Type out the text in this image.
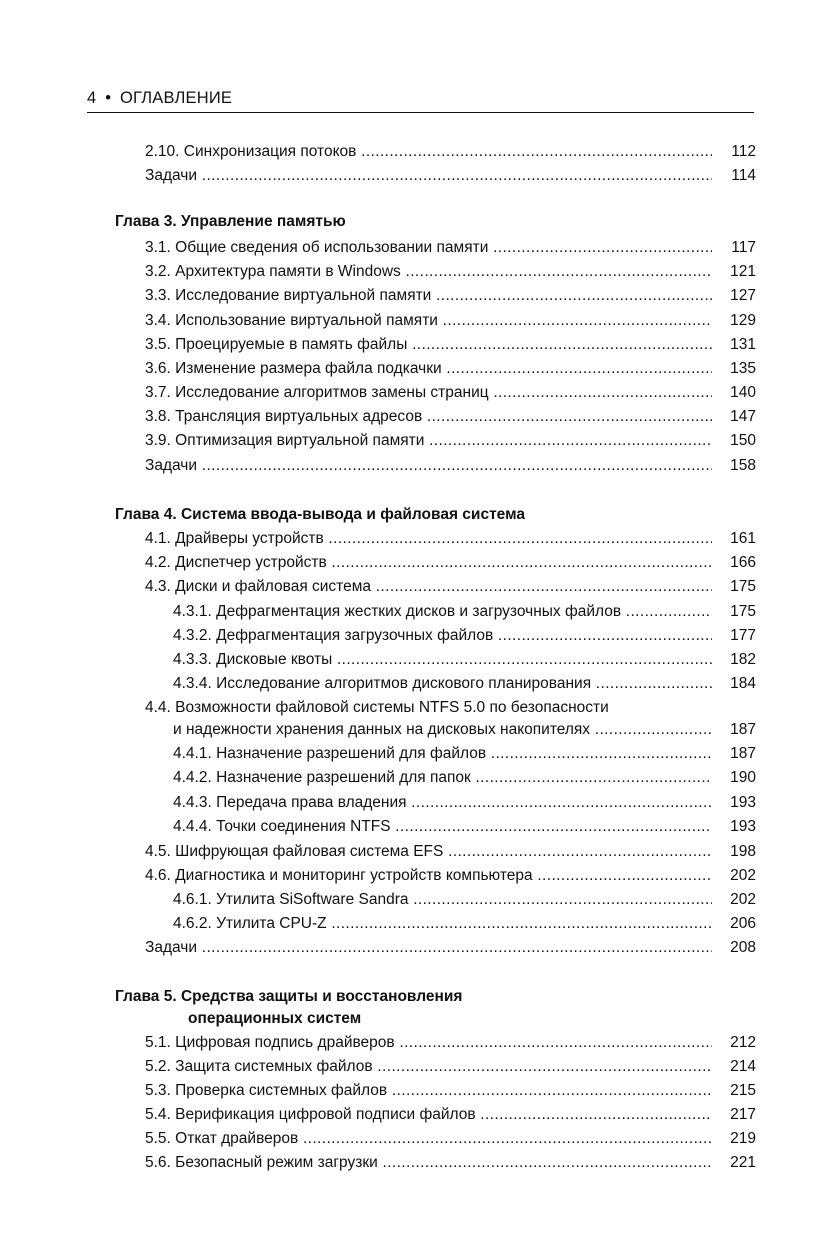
4 • ОГЛАВЛЕНИЕ
2.10. Синхронизация потоков .....	112
Задачи .....	114
Глава 3. Управление памятью
3.1. Общие сведения об использовании памяти .....	117
3.2. Архитектура памяти в Windows .....	121
3.3. Исследование виртуальной памяти .....	127
3.4. Использование виртуальной памяти .....	129
3.5. Проецируемые в память файлы .....	131
3.6. Изменение размера файла подкачки .....	135
3.7. Исследование алгоритмов замены страниц .....	140
3.8. Трансляция виртуальных адресов .....	147
3.9. Оптимизация виртуальной памяти .....	150
Задачи .....	158
Глава 4. Система ввода-вывода и файловая система
4.1. Драйверы устройств .....	161
4.2. Диспетчер устройств .....	166
4.3. Диски и файловая система .....	175
4.3.1. Дефрагментация жестких дисков и загрузочных файлов .....	175
4.3.2. Дефрагментация загрузочных файлов .....	177
4.3.3. Дисковые квоты .....	182
4.3.4. Исследование алгоритмов дискового планирования .....	184
4.4. Возможности файловой системы NTFS 5.0 по безопасности
и надежности хранения данных на дисковых накопителях .....	187
4.4.1. Назначение разрешений для файлов .....	187
4.4.2. Назначение разрешений для папок .....	190
4.4.3. Передача права владения .....	193
4.4.4. Точки соединения NTFS .....	193
4.5. Шифрующая файловая система EFS .....	198
4.6. Диагностика и мониторинг устройств компьютера .....	202
4.6.1. Утилита SiSoftware Sandra .....	202
4.6.2. Утилита CPU-Z .....	206
Задачи .....	208
Глава 5. Средства защиты и восстановления
операционных систем
5.1. Цифровая подпись драйверов .....	212
5.2. Защита системных файлов .....	214
5.3. Проверка системных файлов .....	215
5.4. Верификация цифровой подписи файлов .....	217
5.5. Откат драйверов .....	219
5.6. Безопасный режим загрузки .....	221
